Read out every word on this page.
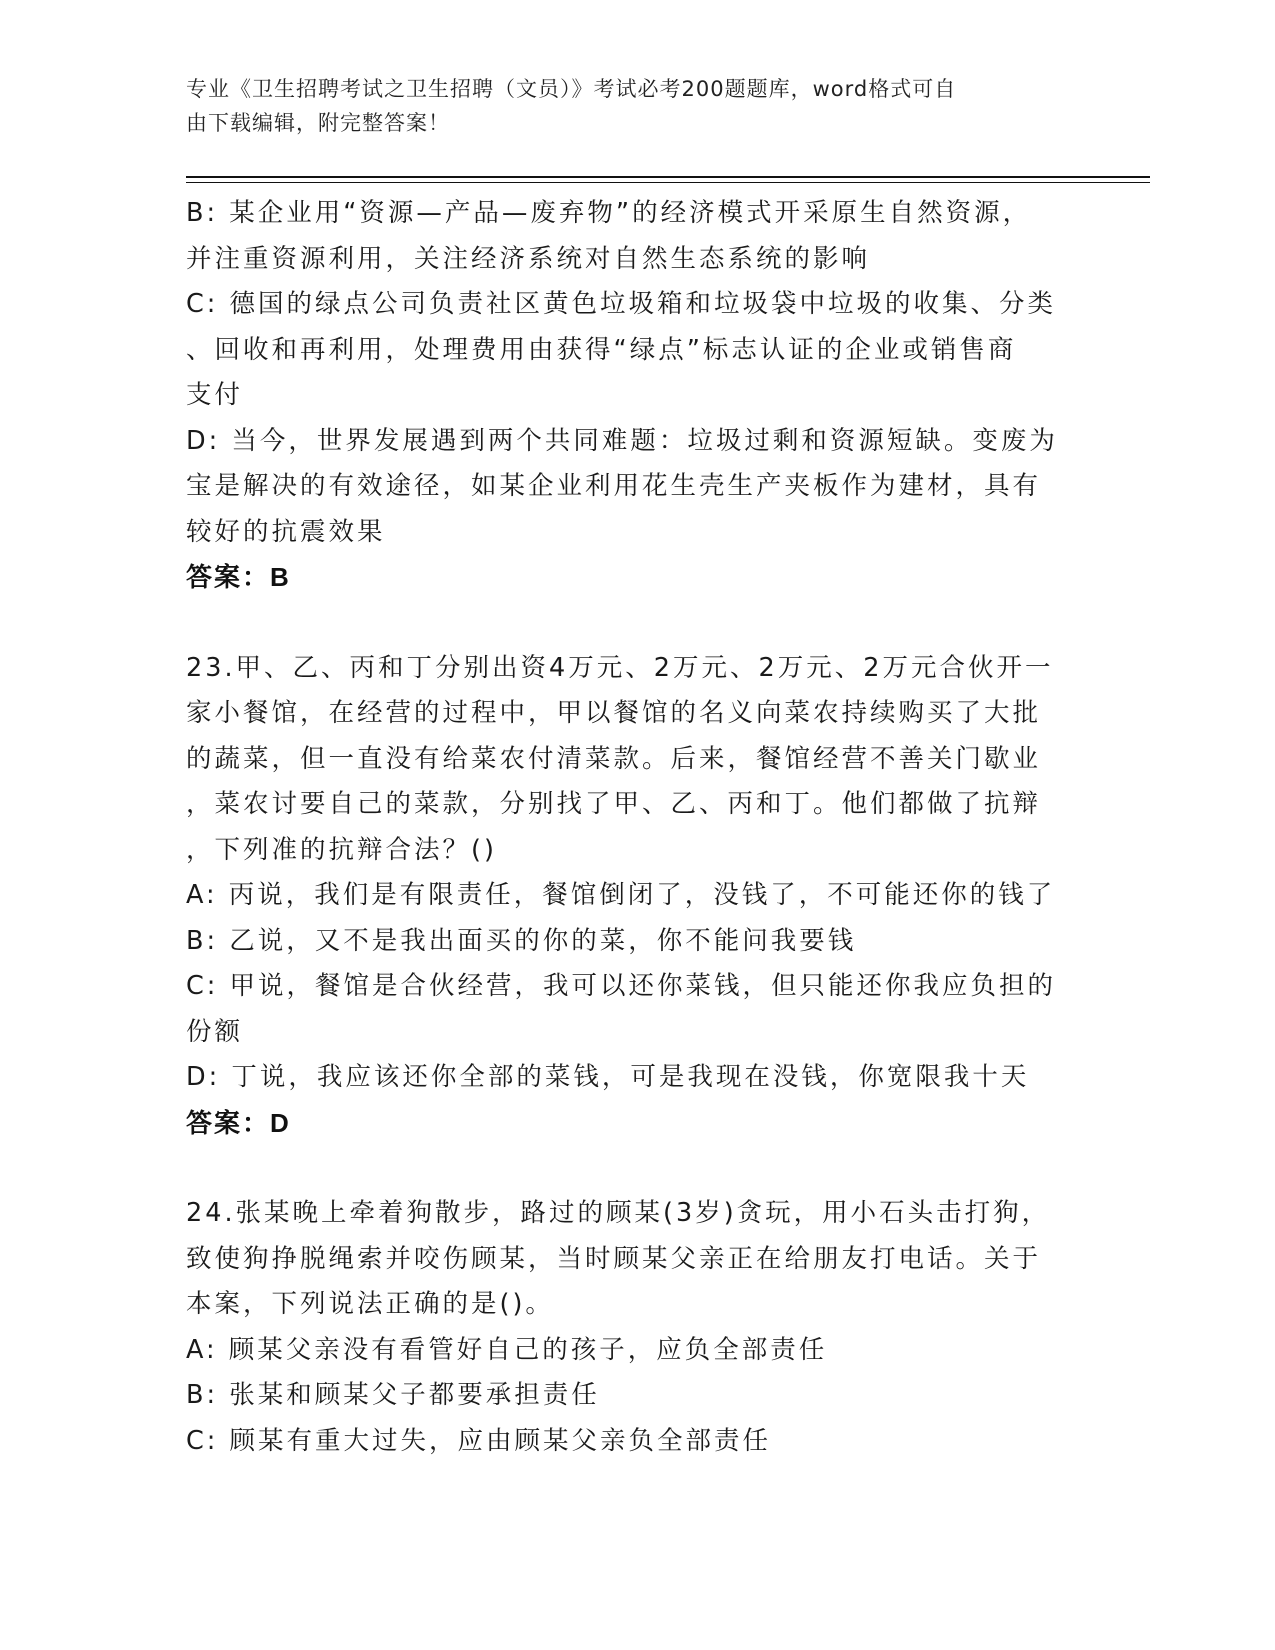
专业《卫生招聘考试之卫生招聘（文员）》考试必考200题题库，word格式可自
由下载编辑，附完整答案！
B: 某企业用“资源—产品—废弃物”的经济模式开采原生自然资源，
并注重资源利用，关注经济系统对自然生态系统的影响
C: 德国的绿点公司负责社区黄色垃圾箱和垃圾袋中垃圾的收集、分类
、回收和再利用，处理费用由获得“绿点”标志认证的企业或销售商
支付
D: 当今，世界发展遇到两个共同难题：垃圾过剩和资源短缺。变废为
宝是解决的有效途径，如某企业利用花生壳生产夹板作为建材，具有
较好的抗震效果
答案：B
23.甲、乙、丙和丁分别出资4万元、2万元、2万元、2万元合伙开一
家小餐馆，在经营的过程中，甲以餐馆的名义向菜农持续购买了大批
的蔬菜，但一直没有给菜农付清菜款。后来，餐馆经营不善关门歇业
，菜农讨要自己的菜款，分别找了甲、乙、丙和丁。他们都做了抗辩
，下列准的抗辩合法？()
A: 丙说，我们是有限责任，餐馆倒闭了，没钱了，不可能还你的钱了
B: 乙说，又不是我出面买的你的菜，你不能问我要钱
C: 甲说，餐馆是合伙经营，我可以还你菜钱，但只能还你我应负担的
份额
D: 丁说，我应该还你全部的菜钱，可是我现在没钱，你宽限我十天
答案：D
24.张某晚上牵着狗散步，路过的顾某(3岁)贪玩，用小石头击打狗，
致使狗挣脱绳索并咬伤顾某，当时顾某父亲正在给朋友打电话。关于
本案，下列说法正确的是()。
A: 顾某父亲没有看管好自己的孩子，应负全部责任
B: 张某和顾某父子都要承担责任
C: 顾某有重大过失，应由顾某父亲负全部责任
